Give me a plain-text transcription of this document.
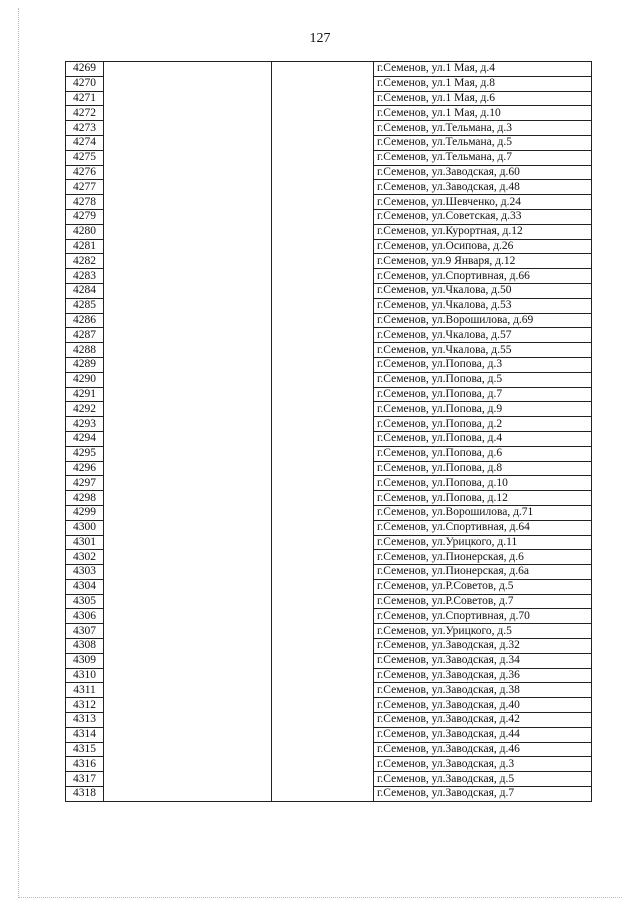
127
4269			г.Семенов, ул.1 Мая, д.4
4270			г.Семенов, ул.1 Мая, д.8
4271			г.Семенов, ул.1 Мая, д.6
4272			г.Семенов, ул.1 Мая, д.10
4273			г.Семенов, ул.Тельмана, д.3
4274			г.Семенов, ул.Тельмана, д.5
4275			г.Семенов, ул.Тельмана, д.7
4276			г.Семенов, ул.Заводская, д.60
4277			г.Семенов, ул.Заводская, д.48
4278			г.Семенов, ул.Шевченко, д.24
4279			г.Семенов, ул.Советская, д.33
4280			г.Семенов, ул.Курортная, д.12
4281			г.Семенов, ул.Осипова, д.26
4282			г.Семенов, ул.9 Января, д.12
4283			г.Семенов, ул.Спортивная, д.66
4284			г.Семенов, ул.Чкалова, д.50
4285			г.Семенов, ул.Чкалова, д.53
4286			г.Семенов, ул.Ворошилова, д.69
4287			г.Семенов, ул.Чкалова, д.57
4288			г.Семенов, ул.Чкалова, д.55
4289			г.Семенов, ул.Попова, д.3
4290			г.Семенов, ул.Попова, д.5
4291			г.Семенов, ул.Попова, д.7
4292			г.Семенов, ул.Попова, д.9
4293			г.Семенов, ул.Попова, д.2
4294			г.Семенов, ул.Попова, д.4
4295			г.Семенов, ул.Попова, д.6
4296			г.Семенов, ул.Попова, д.8
4297			г.Семенов, ул.Попова, д.10
4298			г.Семенов, ул.Попова, д.12
4299			г.Семенов, ул.Ворошилова, д.71
4300			г.Семенов, ул.Спортивная, д.64
4301			г.Семенов, ул.Урицкого, д.11
4302			г.Семенов, ул.Пионерская, д.6
4303			г.Семенов, ул.Пионерская, д.6а
4304			г.Семенов, ул.Р.Советов, д.5
4305			г.Семенов, ул.Р.Советов, д.7
4306			г.Семенов, ул.Спортивная, д.70
4307			г.Семенов, ул.Урицкого, д.5
4308			г.Семенов, ул.Заводская, д.32
4309			г.Семенов, ул.Заводская, д.34
4310			г.Семенов, ул.Заводская, д.36
4311			г.Семенов, ул.Заводская, д.38
4312			г.Семенов, ул.Заводская, д.40
4313			г.Семенов, ул.Заводская, д.42
4314			г.Семенов, ул.Заводская, д.44
4315			г.Семенов, ул.Заводская, д.46
4316			г.Семенов, ул.Заводская, д.3
4317			г.Семенов, ул.Заводская, д.5
4318			г.Семенов, ул.Заводская, д.7
